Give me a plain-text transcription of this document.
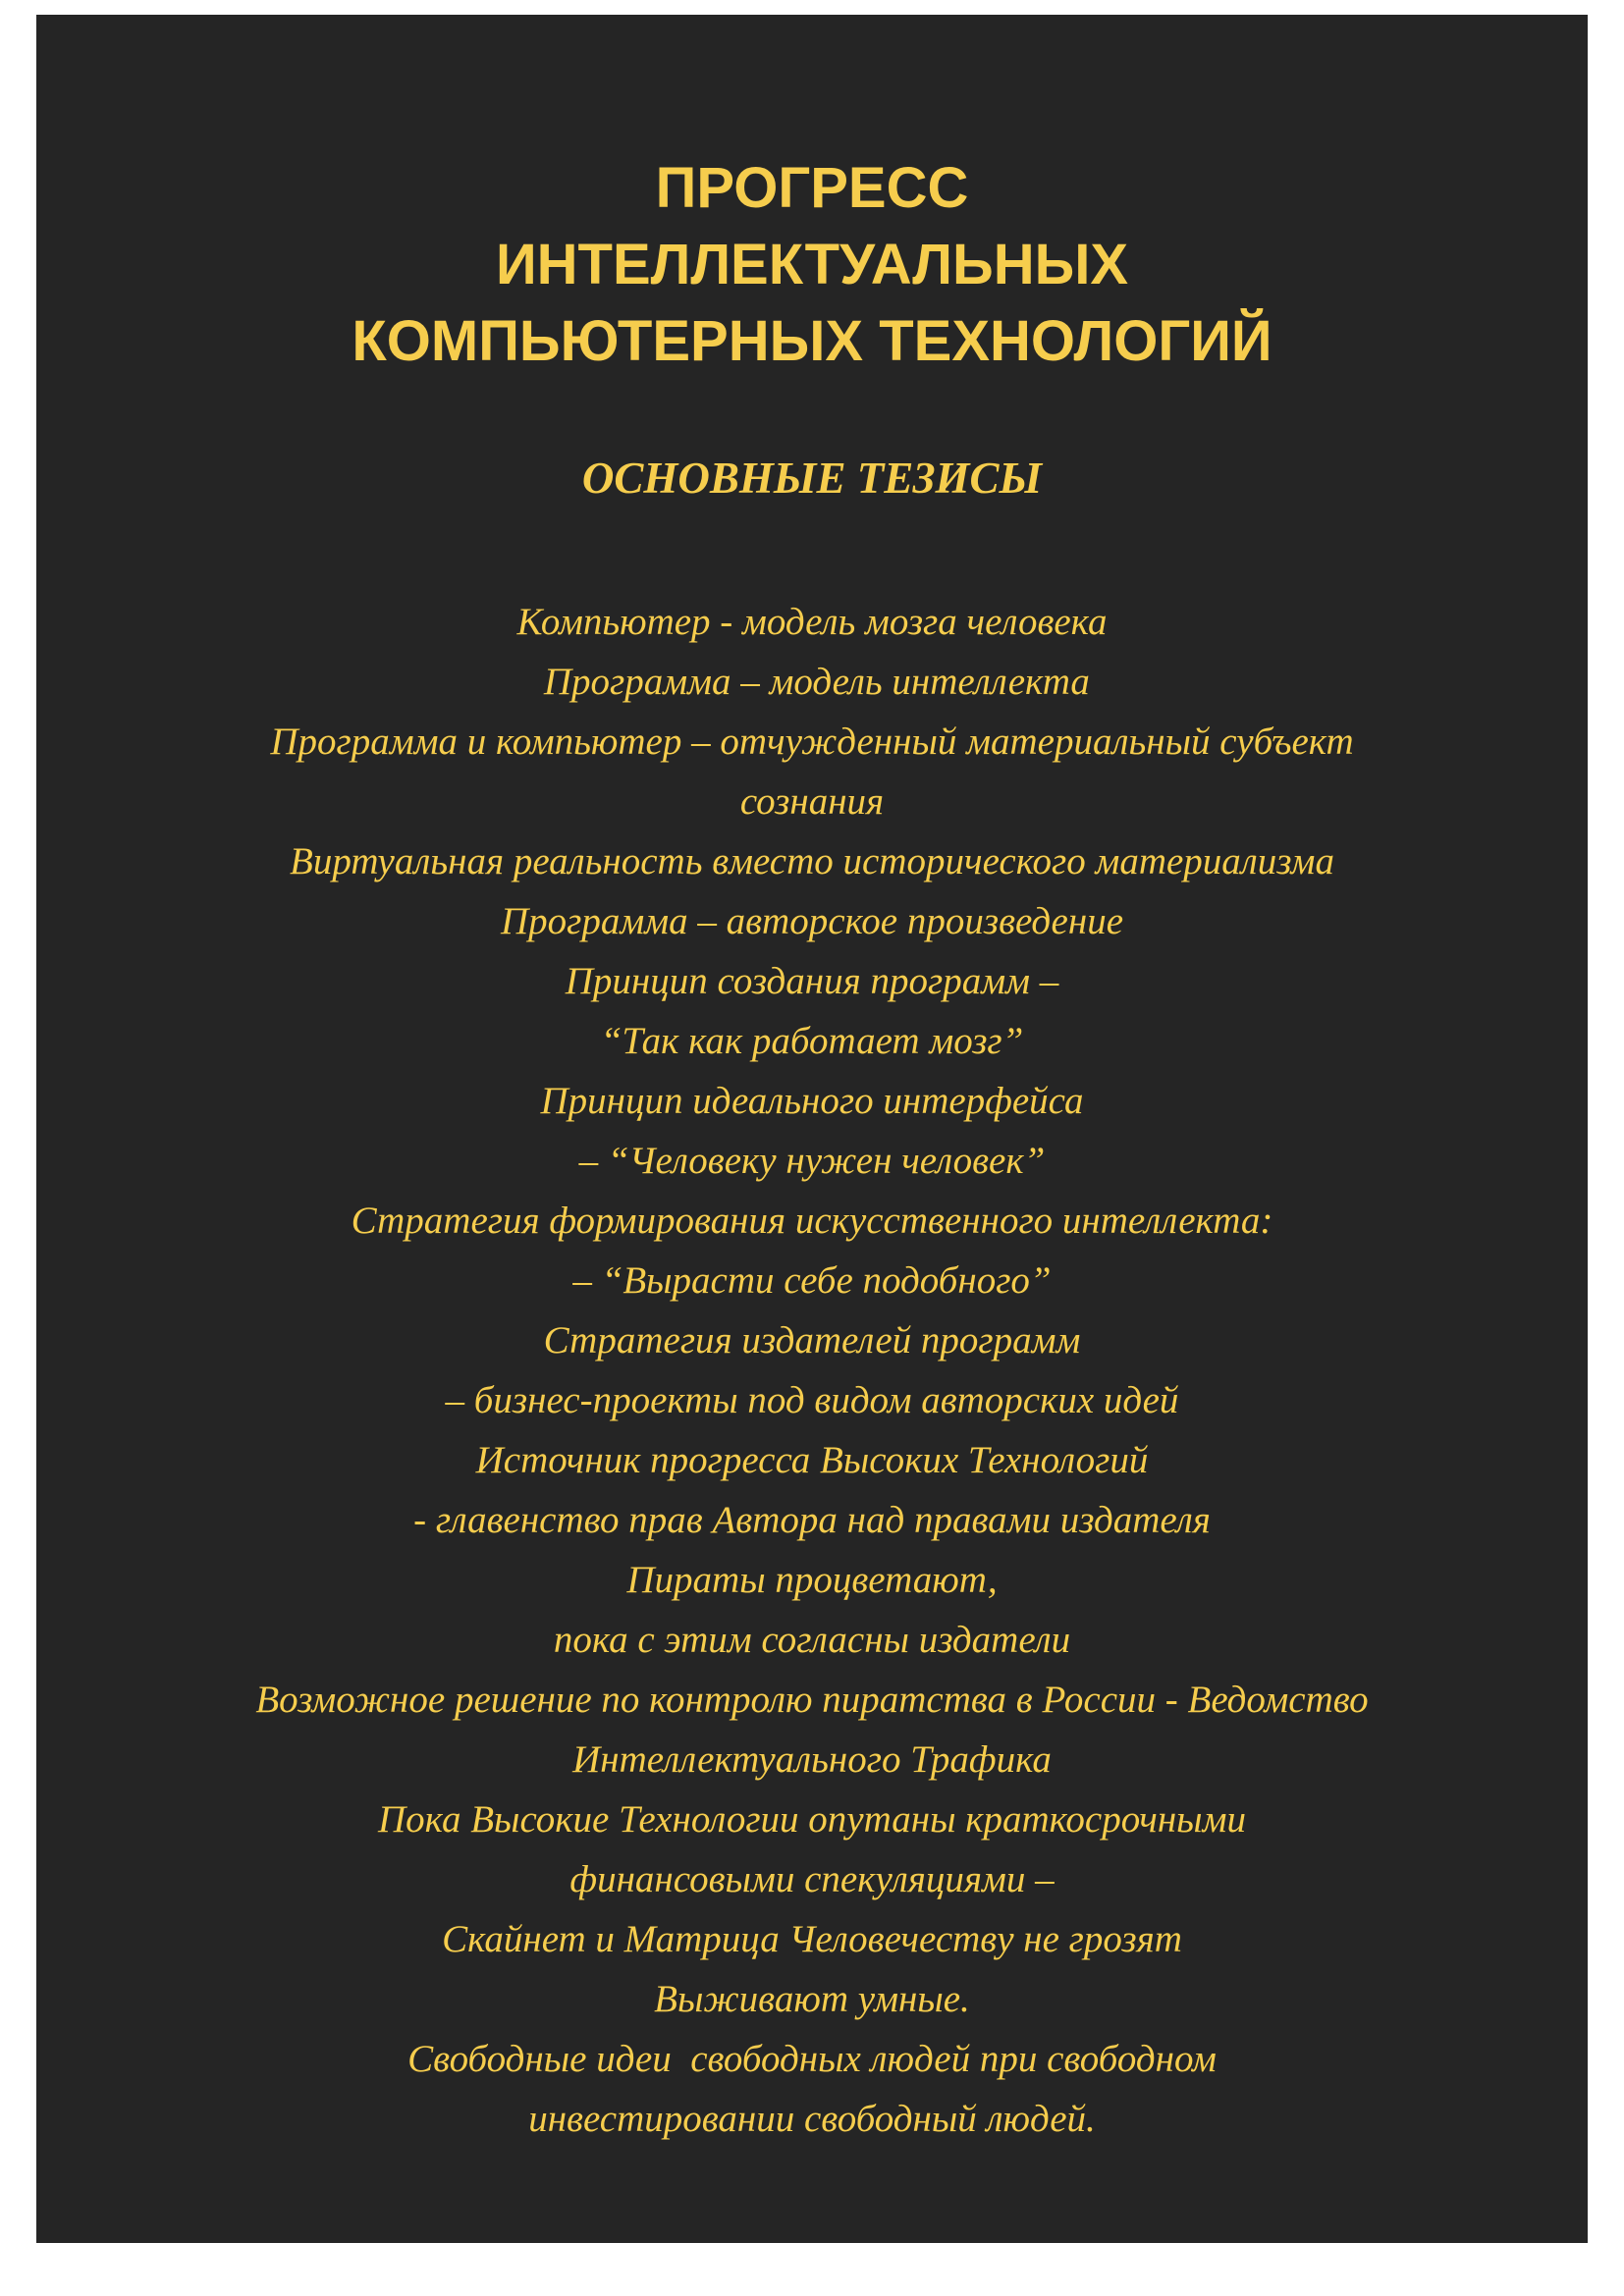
ПРОГРЕСС
ИНТЕЛЛЕКТУАЛЬНЫХ
КОМПЬЮТЕРНЫХ ТЕХНОЛОГИЙ
ОСНОВНЫЕ ТЕЗИСЫ
Компьютер - модель мозга человека
Программа – модель интеллекта
Программа и компьютер – отчужденный материальный субъект
сознания
Виртуальная реальность вместо исторического материализма
Программа – авторское произведение
Принцип создания программ –
“Так как работает мозг”
Принцип идеального интерфейса
– “Человеку нужен человек”
Стратегия формирования искусственного интеллекта:
– “Вырасти себе подобного”
Стратегия издателей программ
– бизнес-проекты под видом авторских идей
Источник прогресса Высоких Технологий
- главенство прав Автора над правами издателя
Пираты процветают,
пока с этим согласны издатели
Возможное решение по контролю пиратства в России - Ведомство
Интеллектуального Трафика
Пока Высокие Технологии опутаны краткосрочными
финансовыми спекуляциями –
Скайнет и Матрица Человечеству не грозят
Выживают умные.
Свободные идеи  свободных людей при свободном
инвестировании свободный людей.
